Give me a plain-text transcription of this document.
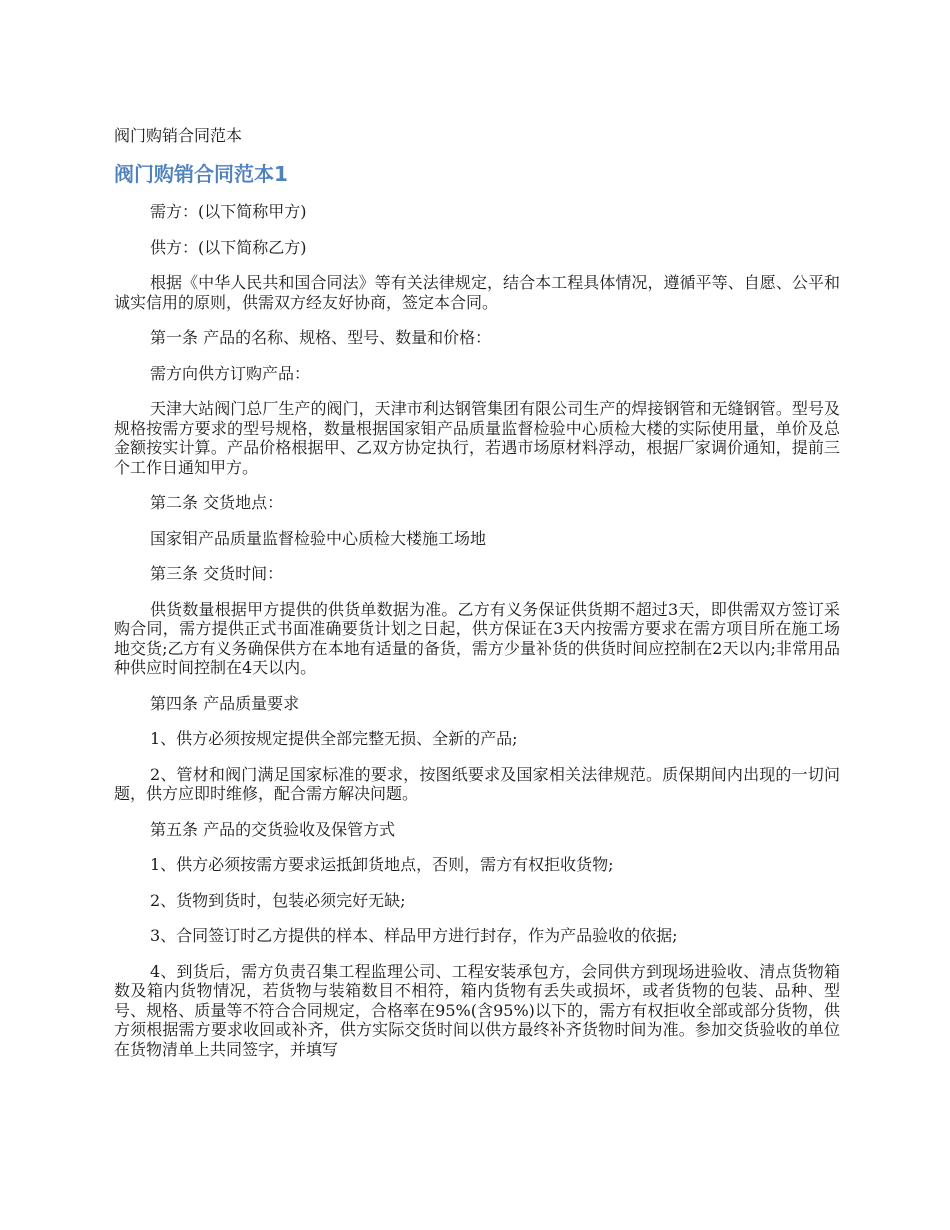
阀门购销合同范本
阀门购销合同范本1

需方：(以下简称甲方)

供方：(以下简称乙方)

根据《中华人民共和国合同法》等有关法律规定，结合本工程具体情况，遵循平等、自愿、公平和诚实信用的原则，供需双方经友好协商，签定本合同。

第一条 产品的名称、规格、型号、数量和价格：

需方向供方订购产品：

天津大站阀门总厂生产的阀门，天津市利达钢管集团有限公司生产的焊接钢管和无缝钢管。型号及规格按需方要求的型号规格，数量根据国家钼产品质量监督检验中心质检大楼的实际使用量，单价及总金额按实计算。产品价格根据甲、乙双方协定执行，若遇市场原材料浮动，根据厂家调价通知，提前三个工作日通知甲方。

第二条 交货地点：

国家钼产品质量监督检验中心质检大楼施工场地

第三条 交货时间：

供货数量根据甲方提供的供货单数据为准。乙方有义务保证供货期不超过3天，即供需双方签订采购合同，需方提供正式书面准确要货计划之日起，供方保证在3天内按需方要求在需方项目所在施工场地交货;乙方有义务确保供方在本地有适量的备货，需方少量补货的供货时间应控制在2天以内;非常用品种供应时间控制在4天以内。

第四条 产品质量要求

1、供方必须按规定提供全部完整无损、全新的产品;

2、管材和阀门满足国家标准的要求，按图纸要求及国家相关法律规范。质保期间内出现的一切问题，供方应即时维修，配合需方解决问题。

第五条 产品的交货验收及保管方式

1、供方必须按需方要求运抵卸货地点，否则，需方有权拒收货物;

2、货物到货时，包装必须完好无缺;

3、合同签订时乙方提供的样本、样品甲方进行封存，作为产品验收的依据;

4、到货后，需方负责召集工程监理公司、工程安装承包方，会同供方到现场进验收、清点货物箱数及箱内货物情况，若货物与装箱数目不相符，箱内货物有丢失或损坏，或者货物的包装、品种、型号、规格、质量等不符合合同规定，合格率在95%(含95%)以下的，需方有权拒收全部或部分货物，供方须根据需方要求收回或补齐，供方实际交货时间以供方最终补齐货物时间为准。参加交货验收的单位在货物清单上共同签字，并填写
